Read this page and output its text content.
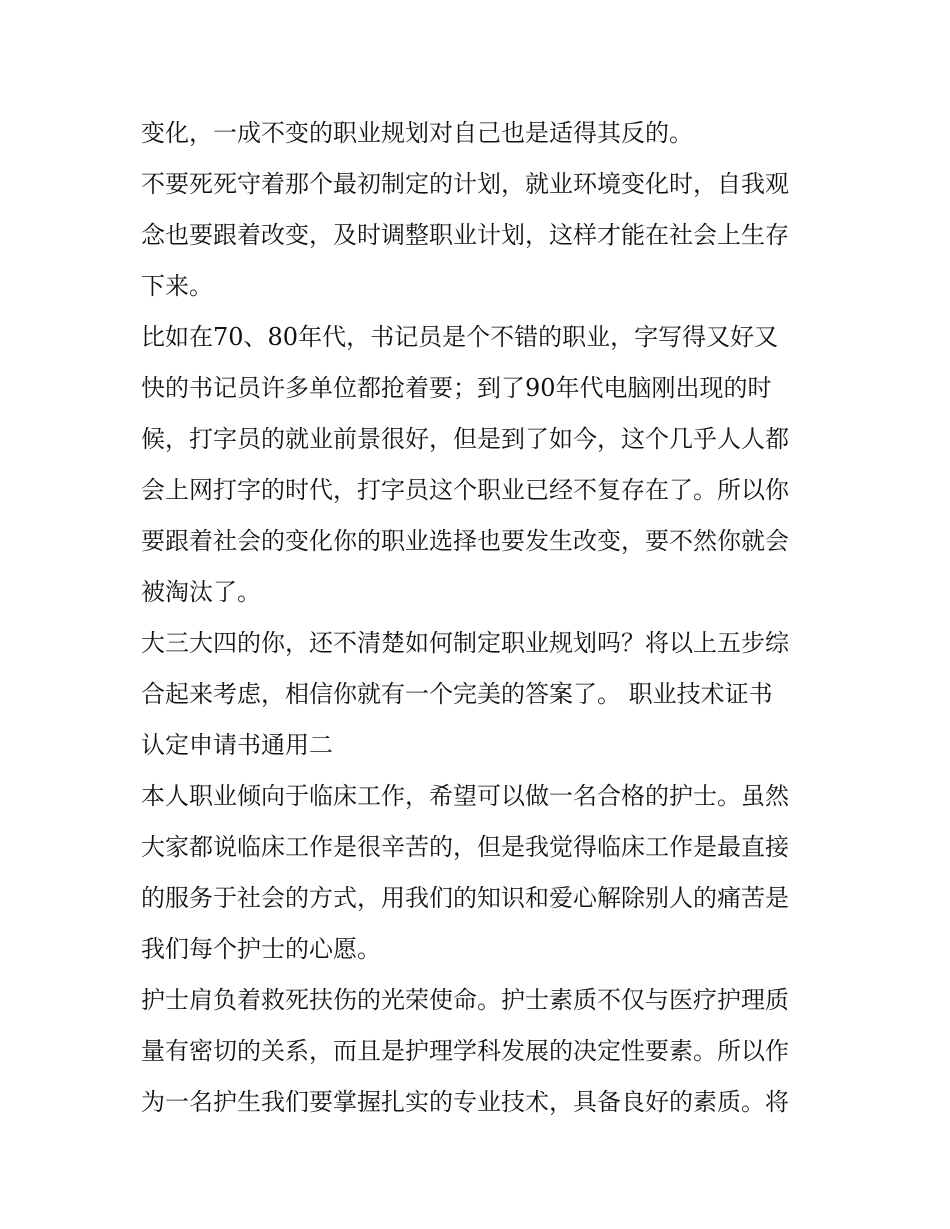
变化，一成不变的职业规划对自己也是适得其反的。

不要死死守着那个最初制定的计划，就业环境变化时，自我观
念也要跟着改变，及时调整职业计划，这样才能在社会上生存
下来。

比如在70、80年代，书记员是个不错的职业，字写得又好又
快的书记员许多单位都抢着要；到了90年代电脑刚出现的时
候，打字员的就业前景很好，但是到了如今，这个几乎人人都
会上网打字的时代，打字员这个职业已经不复存在了。所以你
要跟着社会的变化你的职业选择也要发生改变，要不然你就会
被淘汰了。

大三大四的你，还不清楚如何制定职业规划吗？将以上五步综
合起来考虑，相信你就有一个完美的答案了。 职业技术证书
认定申请书通用二

本人职业倾向于临床工作，希望可以做一名合格的护士。虽然
大家都说临床工作是很辛苦的，但是我觉得临床工作是最直接
的服务于社会的方式，用我们的知识和爱心解除别人的痛苦是
我们每个护士的心愿。

护士肩负着救死扶伤的光荣使命。护士素质不仅与医疗护理质
量有密切的关系，而且是护理学科发展的决定性要素。所以作
为一名护生我们要掌握扎实的专业技术，具备良好的素质。将
